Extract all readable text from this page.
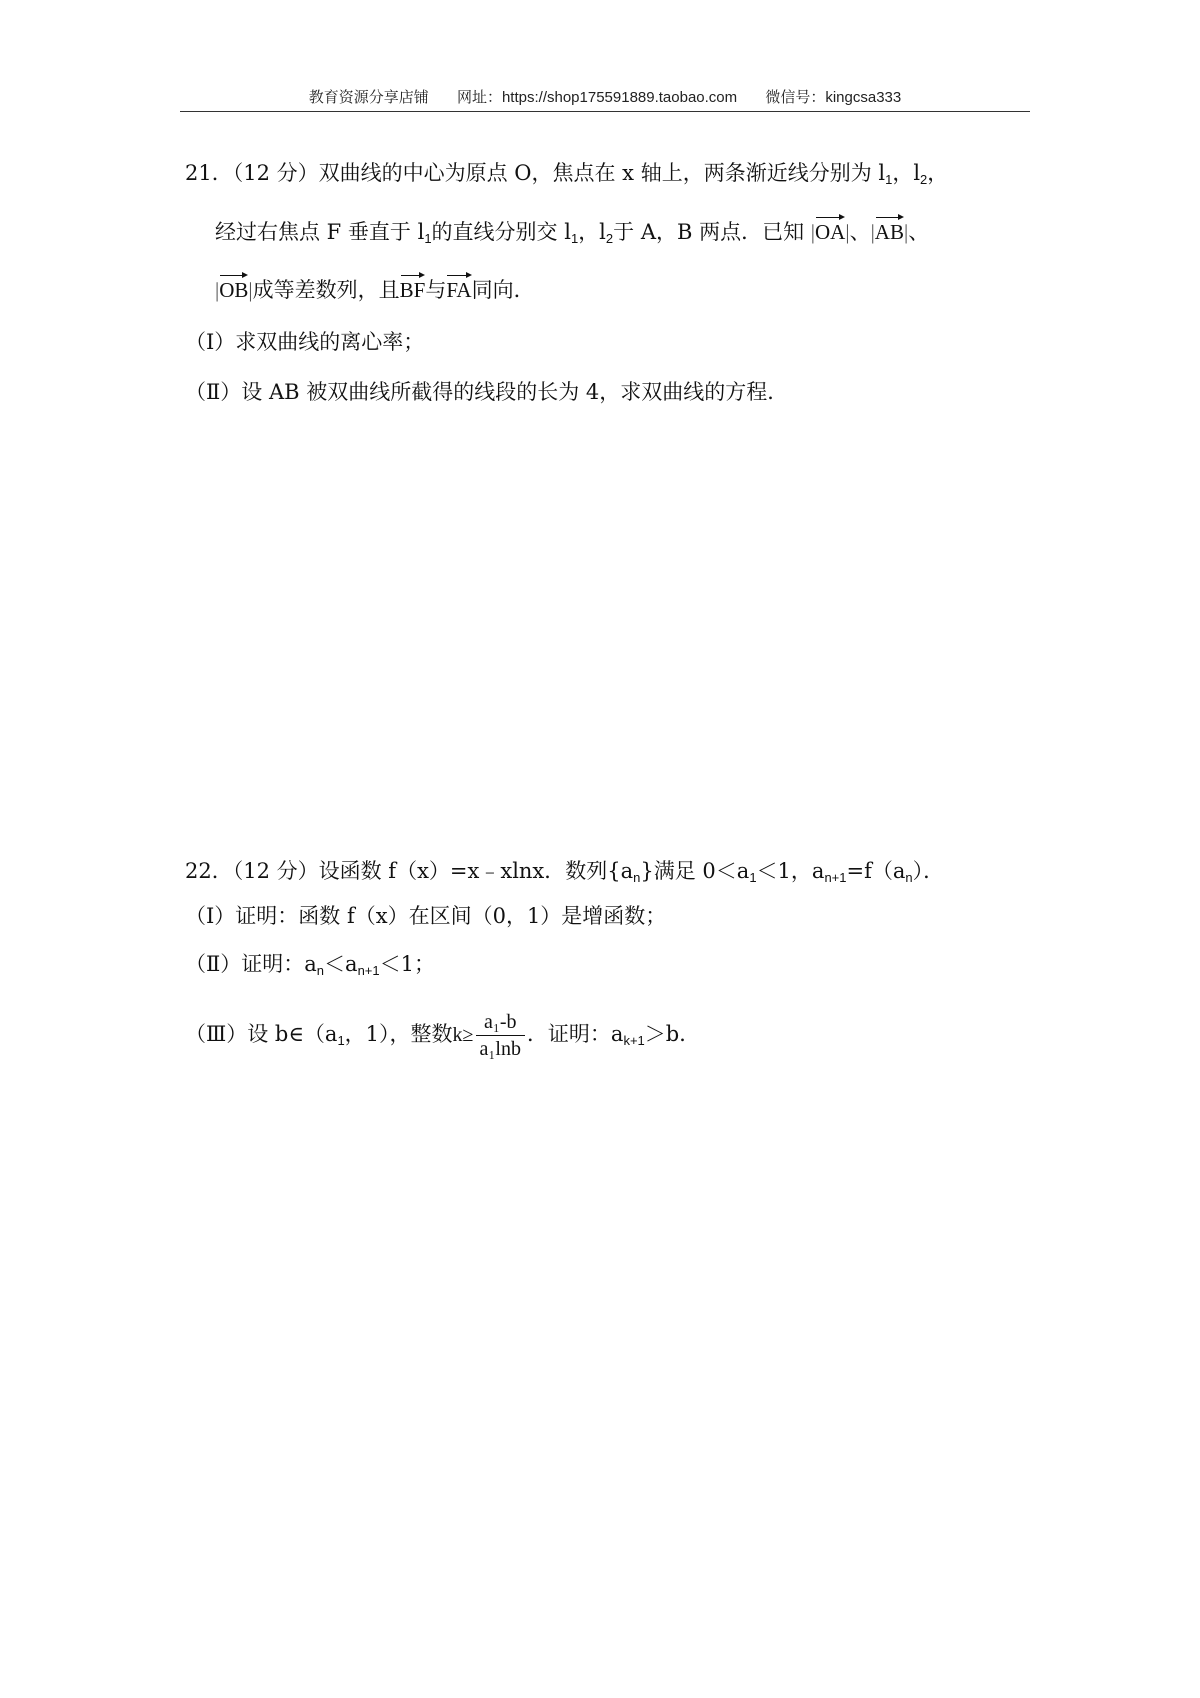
教育资源分享店铺 网址：https://shop175591889.taobao.com 微信号：kingcsa333
21．（12 分）双曲线的中心为原点 O，焦点在 x 轴上，两条渐近线分别为 $l_1$，$l_2$，
经过右焦点 F 垂直于 $l_1$的直线分别交 $l_1$，$l_2$于 A，B 两点．已知 |OA|、|AB|、
|OB|成等差数列，且BF与FA同向．
（Ⅰ）求双曲线的离心率；
（Ⅱ）设 AB 被双曲线所截得的线段的长为 4，求双曲线的方程．
22．（12 分）设函数 f（x）=x﹣xlnx．数列$\{a_n\}$满足 $0<a_1<1$，$a_{n+1}=f(a_n)$．
（Ⅰ）证明：函数 f（x）在区间（0，1）是增函数；
（Ⅱ）证明：$a_n<a_{n+1}<1$；
（Ⅲ）设 $b\in(a_1$，1），整数$k\ge \frac{\text{a₁-b}}{\text{a₁lnb}}$ ．证明：$a_{k+1}>b$．
